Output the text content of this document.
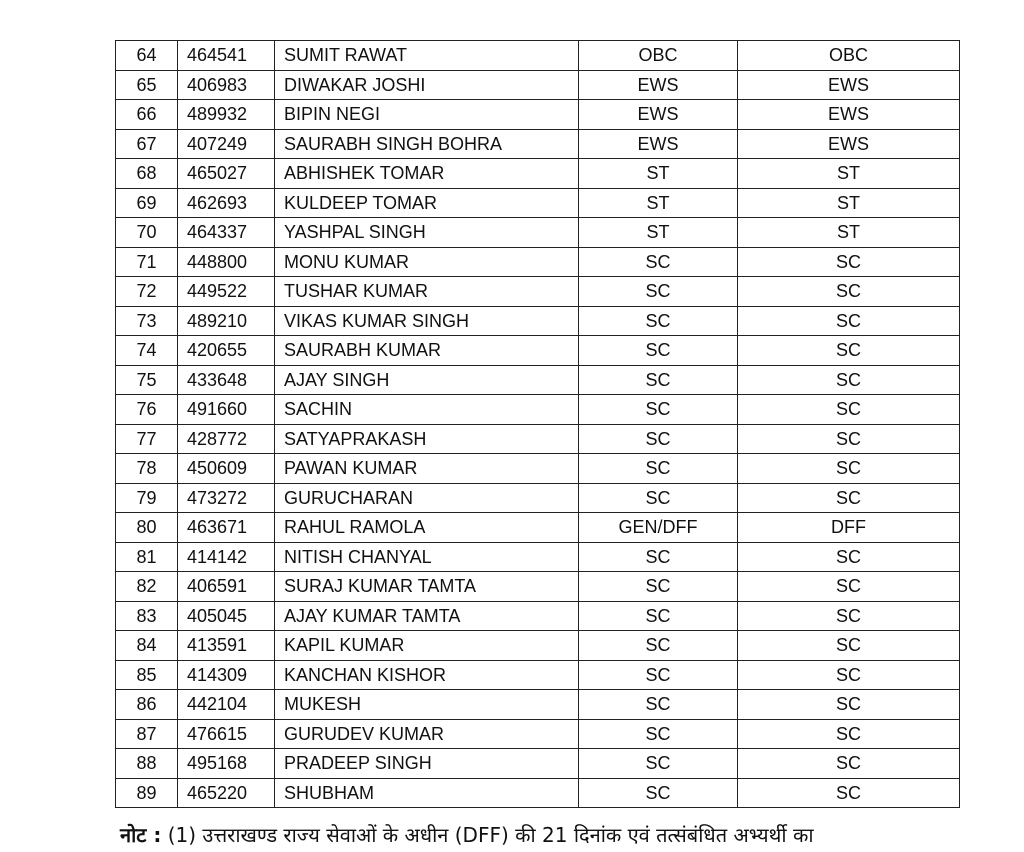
64	464541	SUMIT RAWAT	OBC	OBC
65	406983	DIWAKAR JOSHI	EWS	EWS
66	489932	BIPIN NEGI	EWS	EWS
67	407249	SAURABH SINGH BOHRA	EWS	EWS
68	465027	ABHISHEK TOMAR	ST	ST
69	462693	KULDEEP TOMAR	ST	ST
70	464337	YASHPAL SINGH	ST	ST
71	448800	MONU KUMAR	SC	SC
72	449522	TUSHAR KUMAR	SC	SC
73	489210	VIKAS KUMAR SINGH	SC	SC
74	420655	SAURABH KUMAR	SC	SC
75	433648	AJAY SINGH	SC	SC
76	491660	SACHIN	SC	SC
77	428772	SATYAPRAKASH	SC	SC
78	450609	PAWAN KUMAR	SC	SC
79	473272	GURUCHARAN	SC	SC
80	463671	RAHUL RAMOLA	GEN/DFF	DFF
81	414142	NITISH CHANYAL	SC	SC
82	406591	SURAJ KUMAR TAMTA	SC	SC
83	405045	AJAY KUMAR TAMTA	SC	SC
84	413591	KAPIL KUMAR	SC	SC
85	414309	KANCHAN KISHOR	SC	SC
86	442104	MUKESH	SC	SC
87	476615	GURUDEV KUMAR	SC	SC
88	495168	PRADEEP SINGH	SC	SC
89	465220	SHUBHAM	SC	SC
नोट : (1) उत्तराखण्ड राज्य सेवाओं के अधीन (DFF) की 21 दिनांक एवं तत्संबंधित अभ्यर्थी का
